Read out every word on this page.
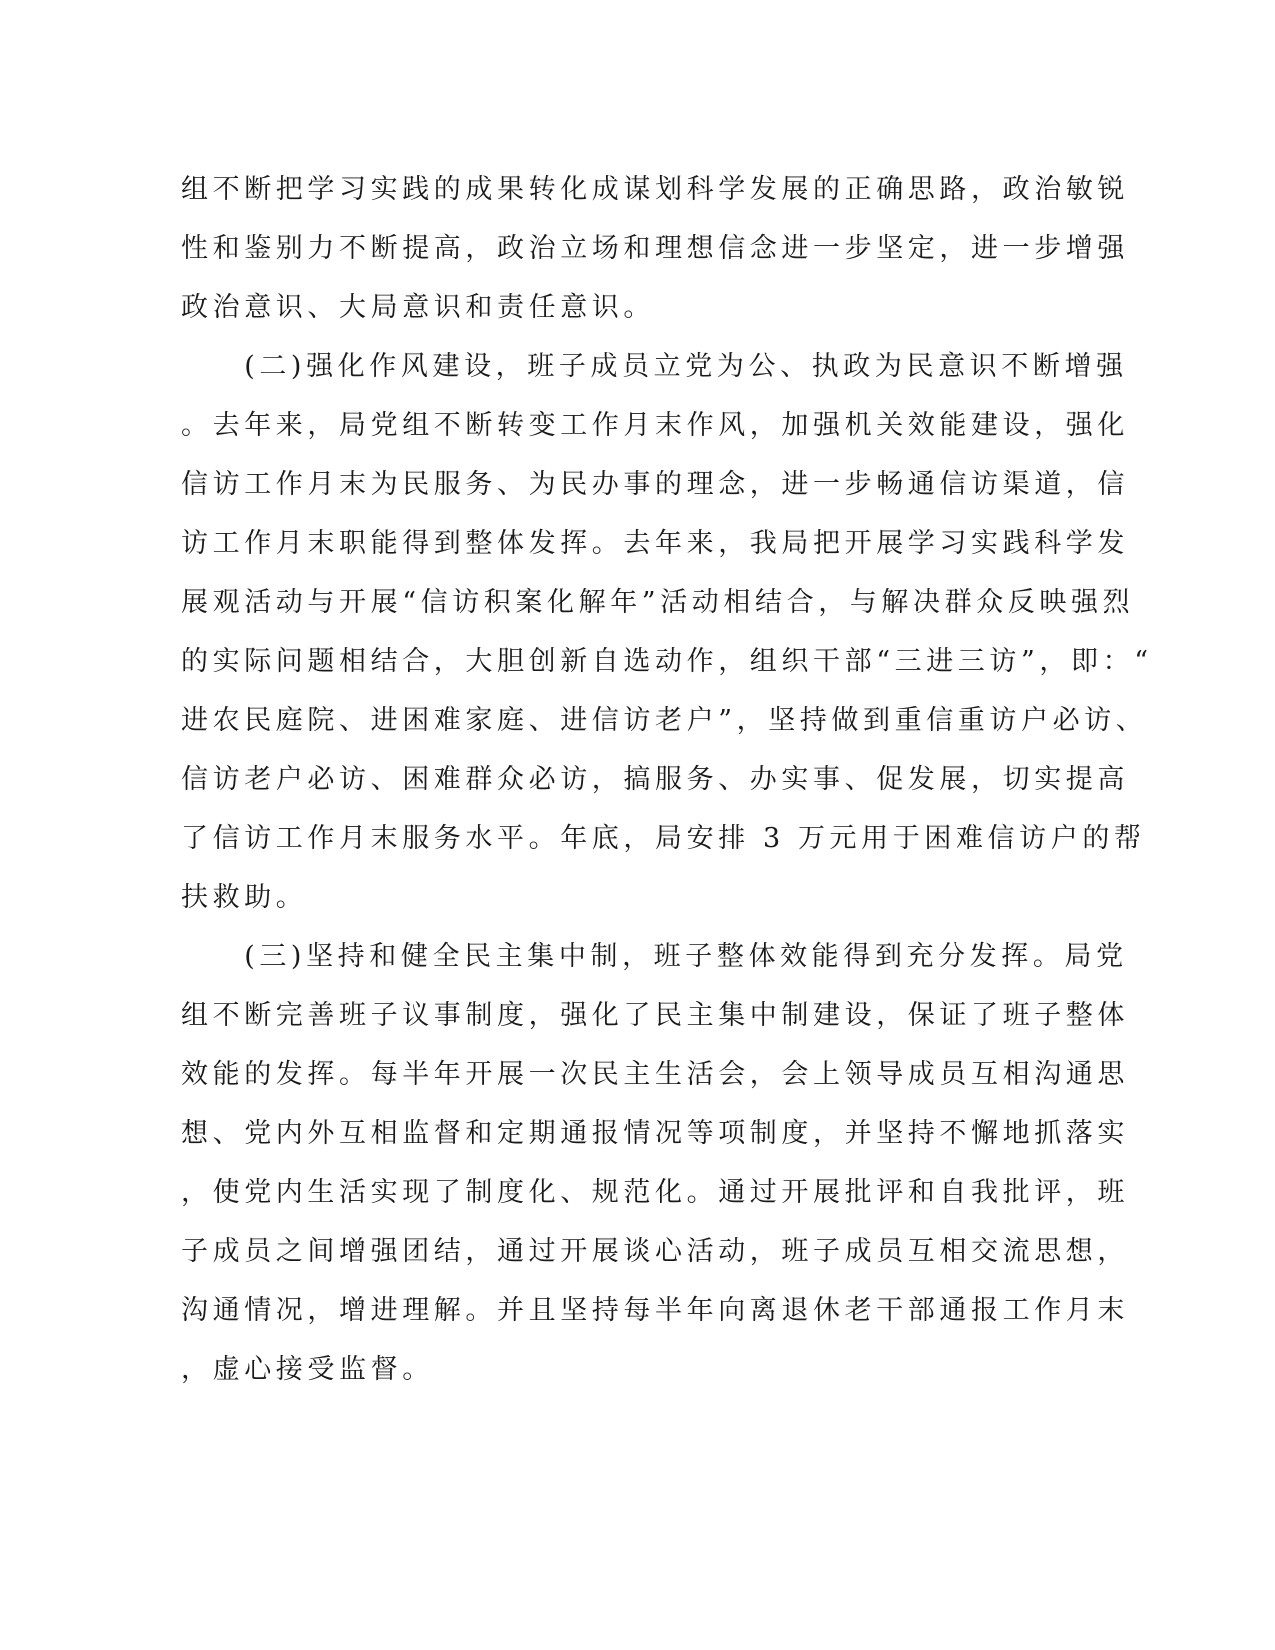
组不断把学习实践的成果转化成谋划科学发展的正确思路，政治敏锐
性和鉴别力不断提高，政治立场和理想信念进一步坚定，进一步增强
政治意识、大局意识和责任意识。
　　(二)强化作风建设，班子成员立党为公、执政为民意识不断增强
。去年来，局党组不断转变工作月末作风，加强机关效能建设，强化
信访工作月末为民服务、为民办事的理念，进一步畅通信访渠道，信
访工作月末职能得到整体发挥。去年来，我局把开展学习实践科学发
展观活动与开展“信访积案化解年”活动相结合，与解决群众反映强烈
的实际问题相结合，大胆创新自选动作，组织干部“三进三访”，即：“
进农民庭院、进困难家庭、进信访老户”，坚持做到重信重访户必访、
信访老户必访、困难群众必访，搞服务、办实事、促发展，切实提高
了信访工作月末服务水平。年底，局安排 3 万元用于困难信访户的帮
扶救助。
　　(三)坚持和健全民主集中制，班子整体效能得到充分发挥。局党
组不断完善班子议事制度，强化了民主集中制建设，保证了班子整体
效能的发挥。每半年开展一次民主生活会，会上领导成员互相沟通思
想、党内外互相监督和定期通报情况等项制度，并坚持不懈地抓落实
，使党内生活实现了制度化、规范化。通过开展批评和自我批评，班
子成员之间增强团结，通过开展谈心活动，班子成员互相交流思想，
沟通情况，增进理解。并且坚持每半年向离退休老干部通报工作月末
，虚心接受监督。
